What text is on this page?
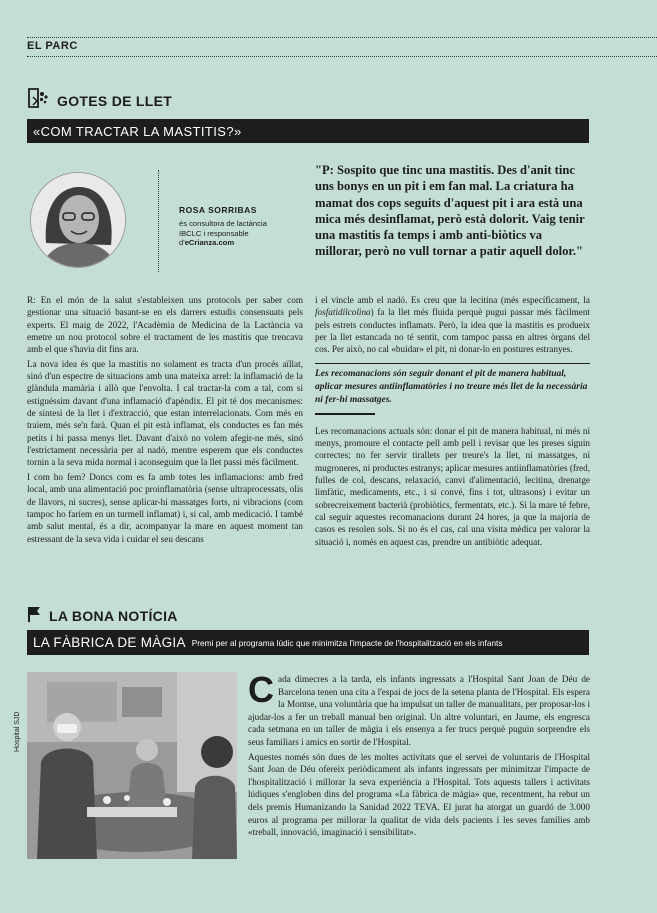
EL PARC
GOTES DE LLET
«COM TRACTAR LA MASTITIS?»
ROSA SORRIBAS
és consultora de lactància
IBCLC i responsable
d'eCrianza.com
"P: Sospito que tinc una mastitis. Des d'anit tinc uns bonys en un pit i em fan mal. La criatura ha mamat dos cops seguits d'aquest pit i ara està una mica més desinflamat, però està dolorit. Vaig tenir una mastitis fa temps i amb anti-biòtics va millorar, però no vull tornar a patir aquell dolor."

R: En el món de la salut s'estableixen uns protocols per saber com gestionar una situació basant-se en els darrers estudis consensuats pels experts. El maig de 2022, l'Acadèmia de Medicina de la Lactància va emetre un nou protocol sobre el tractament de les mastitis que trencava amb el que s'havia dit fins ara.

La nova idea és que la mastitis no solament es tracta d'un procés aïllat, sinó d'un espectre de situacions amb una mateixa arrel: la inflamació de la glàndula mamària i allò que l'envolta. I cal tractar-la com a tal, com si estiguéssim davant d'una inflamació d'apèndix. El pit té dos mecanismes: de síntesi de la llet i d'extracció, que estan interrelacionats. Com més en traiem, més se'n farà. Quan el pit està inflamat, els conductes es fan més petits i hi passa menys llet. Davant d'això no volem afegir-ne més, sinó l'estrictament necessària per al nadó, mentre esperem que els conductes tornin a la seva mida normal i aconseguim que la llet passi més fàcilment.

I com ho fem? Doncs com es fa amb totes les inflamacions: amb fred local, amb una alimentació poc proinflamatòria (sense ultraprocessats, olis de llavors, ni sucres), sense aplicar-hi massatges forts, ni vibracions (com tampoc ho faríem en un turmell inflamat) i, si cal, amb medicació. I també amb salut mental, és a dir, acompanyar la mare en aquest moment tan estressant de la seva vida i cuidar el seu descans

i el vincle amb el nadó. Es creu que la lecitina (més específicament, la fosfatidilcolina) fa la llet més fluida perquè pugui passar més fàcilment pels estrets conductes inflamats. Però, la idea que la mastitis es produeix per la llet estancada no té sentit, com tampoc passa en altres òrgans del cos. Per això, no cal «buidar» el pit, ni donar-lo en postures estranyes.

Les recomanacions són seguir donant el pit de manera habitual, aplicar mesures antiinflamatòries i no treure més llet de la necessària ni fer-hi massatges.

Les recomanacions actuals són: donar el pit de manera habitual, ni més ni menys, promoure el contacte pell amb pell i revisar que les preses siguin correctes; no fer servir tirallets per treure's la llet, ni massatges, ni mugroneres, ni productes estranys; aplicar mesures antiinflamatòries (fred, fulles de col, descans, relaxació, canvi d'alimentació, lecitina, drenatge limfàtic, medicaments, etc., i si convé, fins i tot, ultrasons) i evitar un sobrecreixement bacterià (probiòtics, fermentats, etc.). Si la mare té febre, cal seguir aquestes recomanacions durant 24 hores, ja que la majoria de casos es resolen sols. Si no és el cas, cal una visita mèdica per valorar la situació i, només en aquest cas, prendre un antibiòtic adequat.

LA BONA NOTÍCIA
LA FÀBRICA DE MÀGIA Premi per al programa lúdic que minimitza l'impacte de l'hospitalització en els infants
Hospital SJD

Cada dimecres a la tarda, els infants ingressats a l'Hospital Sant Joan de Déu de Barcelona tenen una cita a l'espai de jocs de la setena planta de l'Hospital. Els espera la Montse, una voluntària que ha impulsat un taller de manualitats, per proposar-los i ajudar-los a fer un treball manual ben original. Un altre voluntari, en Jaume, els engresca cada setmana en un taller de màgia i els ensenya a fer trucs perquè puguin sorprendre els seus familiars i amics en sortir de l'Hospital.

Aquestes només són dues de les moltes activitats que el servei de voluntaris de l'Hospital Sant Joan de Déu ofereix periòdicament als infants ingressats per minimitzar l'impacte de l'hospitalització i millorar la seva experiència a l'Hospital. Tots aquests tallers i activitats lúdiques s'engloben dins del programa «La fàbrica de màgia» que, recentment, ha rebut un dels premis Humanizando la Sanidad 2022 TEVA. El jurat ha atorgat un guardó de 3.000 euros al programa per millorar la qualitat de vida dels pacients i les seves famílies amb «treball, innovació, imaginació i sensibilitat».
